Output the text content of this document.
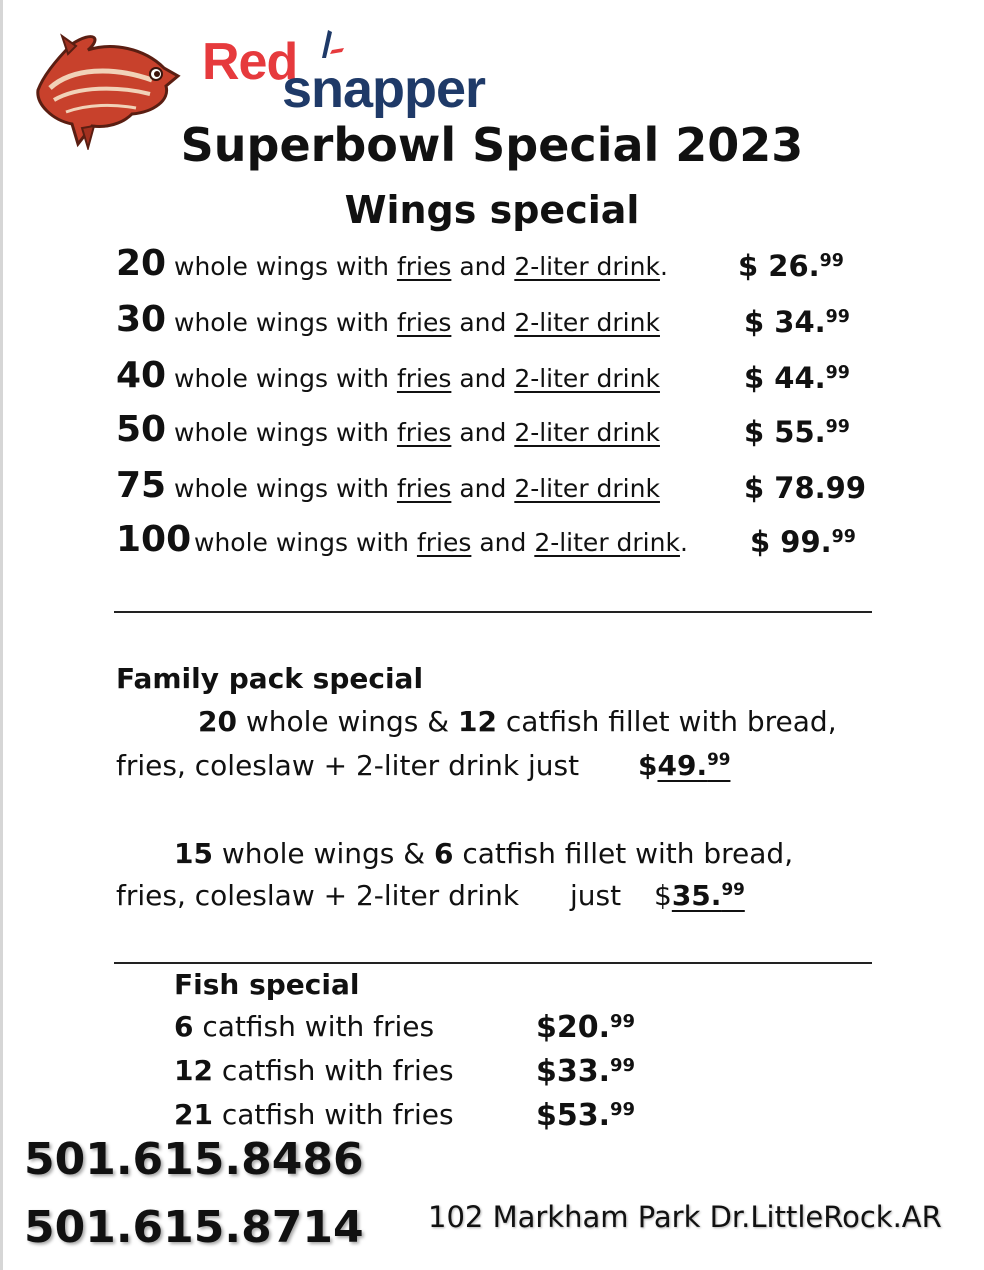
Red
snapper
Superbowl Special 2023
Wings special
20 whole wings with fries and 2-liter drink. $ 26.99
30 whole wings with fries and 2-liter drink	$ 34.99
40 whole wings with fries and 2-liter drink	$ 44.99
50 whole wings with fries and 2-liter drink	$ 55.99
75 whole wings with fries and 2-liter drink	$ 78.99
100 whole wings with fries and 2-liter drink. $ 99.99
Family pack special
20 whole wings & 12 catfish fillet with bread,
fries, coleslaw + 2-liter drink just $49.99
15 whole wings & 6 catfish fillet with bread,
fries, coleslaw + 2-liter drink just $35.99
Fish special
6 catfish with fries	$20.99
12 catfish with fries	$33.99
21 catfish with fries	$53.99
501.615.8486
501.615.8714 102 Markham Park Dr.LittleRock.AR
